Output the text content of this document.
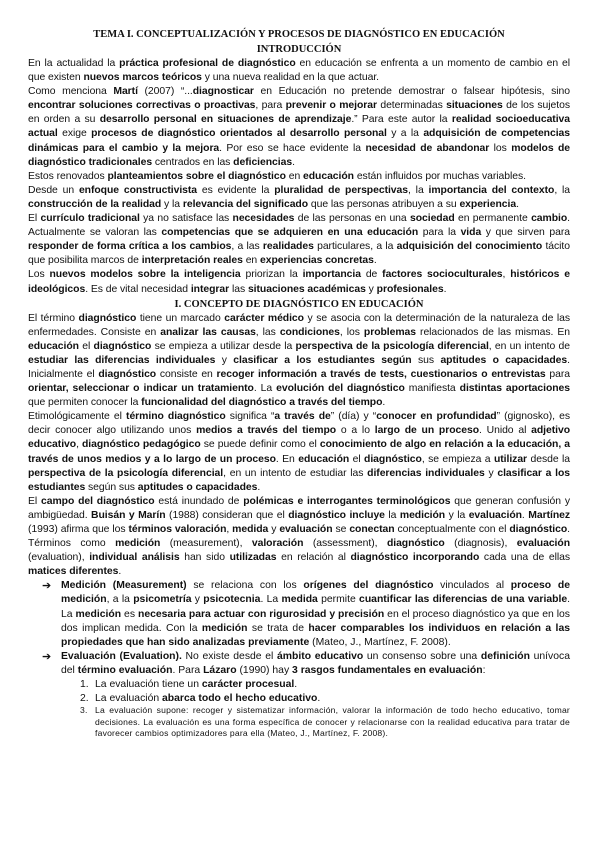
TEMA I. CONCEPTUALIZACIÓN Y PROCESOS DE DIAGNÓSTICO EN EDUCACIÓN
INTRODUCCIÓN

En la actualidad la práctica profesional de diagnóstico en educación se enfrenta a un momento de cambio en el que existen nuevos marcos teóricos y una nueva realidad en la que actuar.

Como menciona Martí (2007) “...diagnosticar en Educación no pretende demostrar o falsear hipótesis, sino encontrar soluciones correctivas o proactivas, para prevenir o mejorar determinadas situaciones de los sujetos en orden a su desarrollo personal en situaciones de aprendizaje.” Para este autor la realidad socioeducativa actual exige procesos de diagnóstico orientados al desarrollo personal y a la adquisición de competencias dinámicas para el cambio y la mejora. Por eso se hace evidente la necesidad de abandonar los modelos de diagnóstico tradicionales centrados en las deficiencias.

Estos renovados planteamientos sobre el diagnóstico en educación están influidos por muchas variables.

Desde un enfoque constructivista es evidente la pluralidad de perspectivas, la importancia del contexto, la construcción de la realidad y la relevancia del significado que las personas atribuyen a su experiencia.

El currículo tradicional ya no satisface las necesidades de las personas en una sociedad en permanente cambio. Actualmente se valoran las competencias que se adquieren en una educación para la vida y que sirven para responder de forma crítica a los cambios, a las realidades particulares, a la adquisición del conocimiento tácito que posibilita marcos de interpretación reales en experiencias concretas.

Los nuevos modelos sobre la inteligencia priorizan la importancia de factores socioculturales, históricos e ideológicos. Es de vital necesidad integrar las situaciones académicas y profesionales.

I. CONCEPTO DE DIAGNÓSTICO EN EDUCACIÓN

El término diagnóstico tiene un marcado carácter médico y se asocia con la determinación de la naturaleza de las enfermedades. Consiste en analizar las causas, las condiciones, los problemas relacionados de las mismas. En educación el diagnóstico se empieza a utilizar desde la perspectiva de la psicología diferencial, en un intento de estudiar las diferencias individuales y clasificar a los estudiantes según sus aptitudes o capacidades. Inicialmente el diagnóstico consiste en recoger información a través de tests, cuestionarios o entrevistas para orientar, seleccionar o indicar un tratamiento. La evolución del diagnóstico manifiesta distintas aportaciones que permiten conocer la funcionalidad del diagnóstico a través del tiempo.

Etimológicamente el término diagnóstico significa “a través de” (día) y “conocer en profundidad” (gignosko), es decir conocer algo utilizando unos medios a través del tiempo o a lo largo de un proceso. Unido al adjetivo educativo, diagnóstico pedagógico se puede definir como el conocimiento de algo en relación a la educación, a través de unos medios y a lo largo de un proceso. En educación el diagnóstico, se empieza a utilizar desde la perspectiva de la psicología diferencial, en un intento de estudiar las diferencias individuales y clasificar a los estudiantes según sus aptitudes o capacidades.

El campo del diagnóstico está inundado de polémicas e interrogantes terminológicos que generan confusión y ambigüedad. Buisán y Marín (1988) consideran que el diagnóstico incluye la medición y la evaluación. Martínez (1993) afirma que los términos valoración, medida y evaluación se conectan conceptualmente con el diagnóstico. Términos como medición (measurement), valoración (assessment), diagnóstico (diagnosis), evaluación (evaluation), individual análisis han sido utilizadas en relación al diagnóstico incorporando cada una de ellas matices diferentes.

➔ Medición (Measurement) se relaciona con los orígenes del diagnóstico vinculados al proceso de medición, a la psicometría y psicotecnia. La medida permite cuantificar las diferencias de una variable. La medición es necesaria para actuar con rigurosidad y precisión en el proceso diagnóstico ya que en los dos implican medida. Con la medición se trata de hacer comparables los individuos en relación a las propiedades que han sido analizadas previamente (Mateo, J., Martínez, F. 2008).
➔ Evaluación (Evaluation). No existe desde el ámbito educativo un consenso sobre una definición unívoca del término evaluación. Para Lázaro (1990) hay 3 rasgos fundamentales en evaluación:
1. La evaluación tiene un carácter procesual.
2. La evaluación abarca todo el hecho educativo.
3. La evaluación supone: recoger y sistematizar información, valorar la información de todo hecho educativo, tomar decisiones. La evaluación es una forma específica de conocer y relacionarse con la realidad educativa para tratar de favorecer cambios optimizadores para ella (Mateo, J., Martínez, F. 2008).
